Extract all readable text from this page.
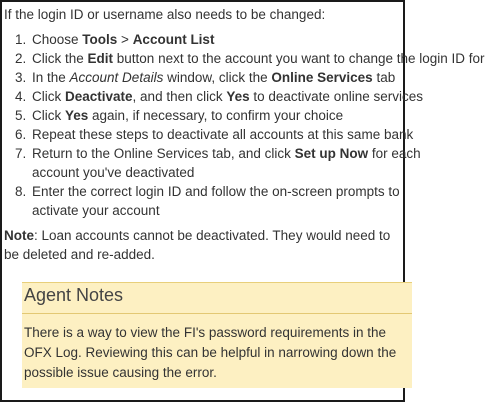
If the login ID or username also needs to be changed:

1. Choose Tools > Account List
2. Click the Edit button next to the account you want to change the login ID for
3. In the Account Details window, click the Online Services tab
4. Click Deactivate, and then click Yes to deactivate online services
5. Click Yes again, if necessary, to confirm your choice
6. Repeat these steps to deactivate all accounts at this same bank
7. Return to the Online Services tab, and click Set up Now for each account you've deactivated
8. Enter the correct login ID and follow the on-screen prompts to activate your account

Note: Loan accounts cannot be deactivated. They would need to be deleted and re-added.

Agent Notes
There is a way to view the FI's password requirements in the OFX Log. Reviewing this can be helpful in narrowing down the possible issue causing the error.
